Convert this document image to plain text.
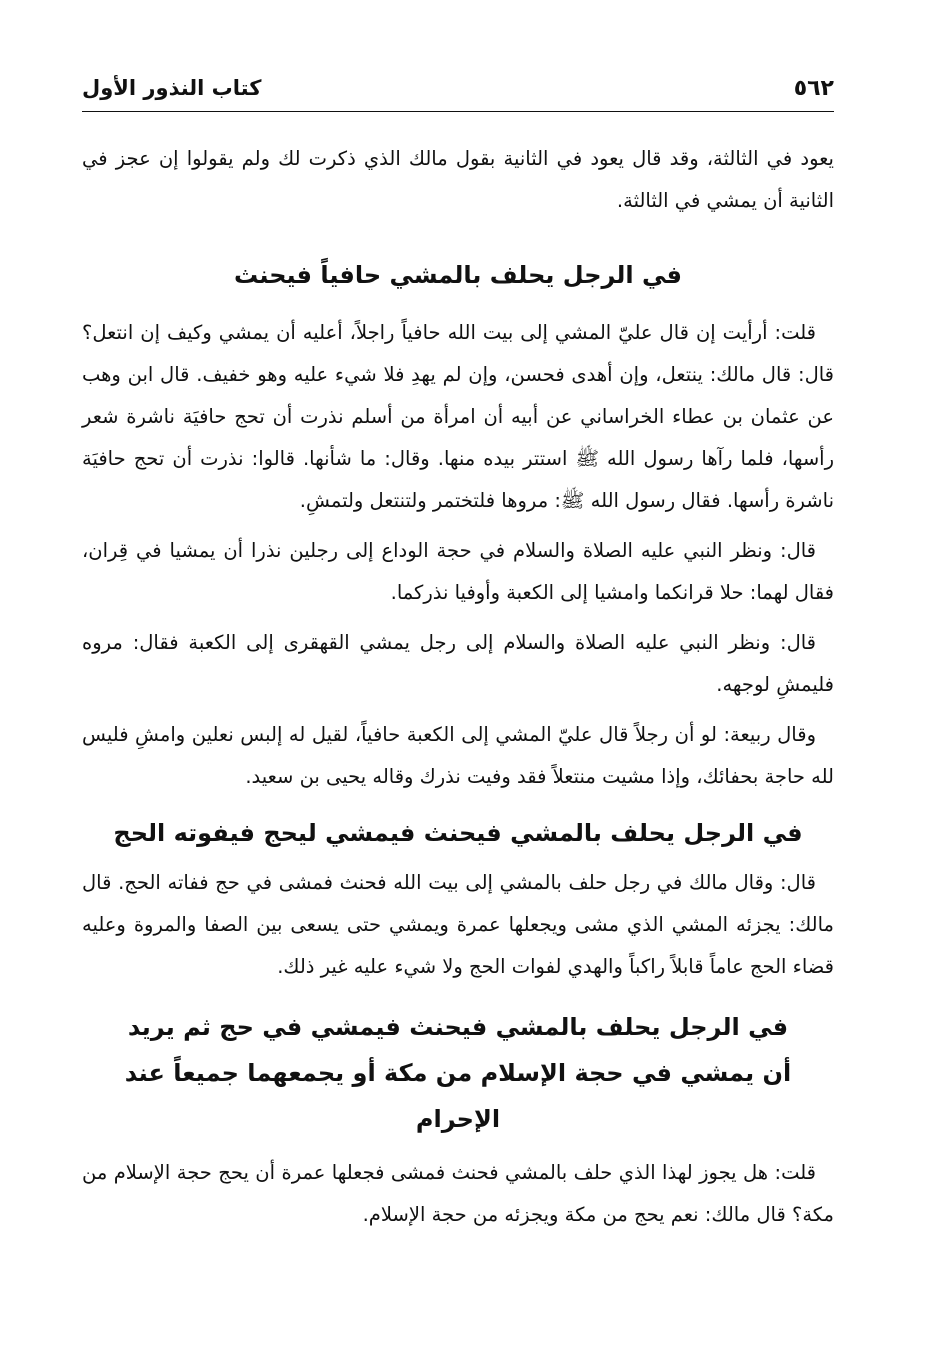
٥٦٢
كتاب النذور الأول

يعود في الثالثة، وقد قال يعود في الثانية بقول مالك الذي ذكرت لك ولم يقولوا إن عجز في الثانية أن يمشي في الثالثة.

في الرجل يحلف بالمشي حافياً فيحنث

قلت: أرأيت إن قال عليّ المشي إلى بيت الله حافياً راجلاً، أعليه أن يمشي وكيف إن انتعل؟ قال: قال مالك: ينتعل، وإن أهدى فحسن، وإن لم يهدِ فلا شيء عليه وهو خفيف. قال ابن وهب عن عثمان بن عطاء الخراساني عن أبيه أن امرأة من أسلم نذرت أن تحج حافيَة ناشرة شعر رأسها، فلما رآها رسول الله ﷺ استتر بيده منها. وقال: ما شأنها. قالوا: نذرت أن تحج حافيَة ناشرة رأسها. فقال رسول الله ﷺ: مروها فلتختمر ولتنتعل ولتمشِ.

قال: ونظر النبي عليه الصلاة والسلام في حجة الوداع إلى رجلين نذرا أن يمشيا في قِران، فقال لهما: حلا قرانكما وامشيا إلى الكعبة وأوفيا نذركما.

قال: ونظر النبي عليه الصلاة والسلام إلى رجل يمشي القهقرى إلى الكعبة فقال: مروه فليمشِ لوجهه.

وقال ربيعة: لو أن رجلاً قال عليّ المشي إلى الكعبة حافياً، لقيل له إلبس نعلين وامشِ فليس لله حاجة بحفائك، وإذا مشيت منتعلاً فقد وفيت نذرك وقاله يحيى بن سعيد.

في الرجل يحلف بالمشي فيحنث فيمشي ليحج فيفوته الحج

قال: وقال مالك في رجل حلف بالمشي إلى بيت الله فحنث فمشى في حج ففاته الحج. قال مالك: يجزئه المشي الذي مشى ويجعلها عمرة ويمشي حتى يسعى بين الصفا والمروة وعليه قضاء الحج عاماً قابلاً راكباً والهدي لفوات الحج ولا شيء عليه غير ذلك.

في الرجل يحلف بالمشي فيحنث فيمشي في حج ثم يريد
أن يمشي في حجة الإسلام من مكة أو يجمعهما جميعاً عند الإحرام

قلت: هل يجوز لهذا الذي حلف بالمشي فحنث فمشى فجعلها عمرة أن يحج حجة الإسلام من مكة؟ قال مالك: نعم يحج من مكة ويجزئه من حجة الإسلام.
